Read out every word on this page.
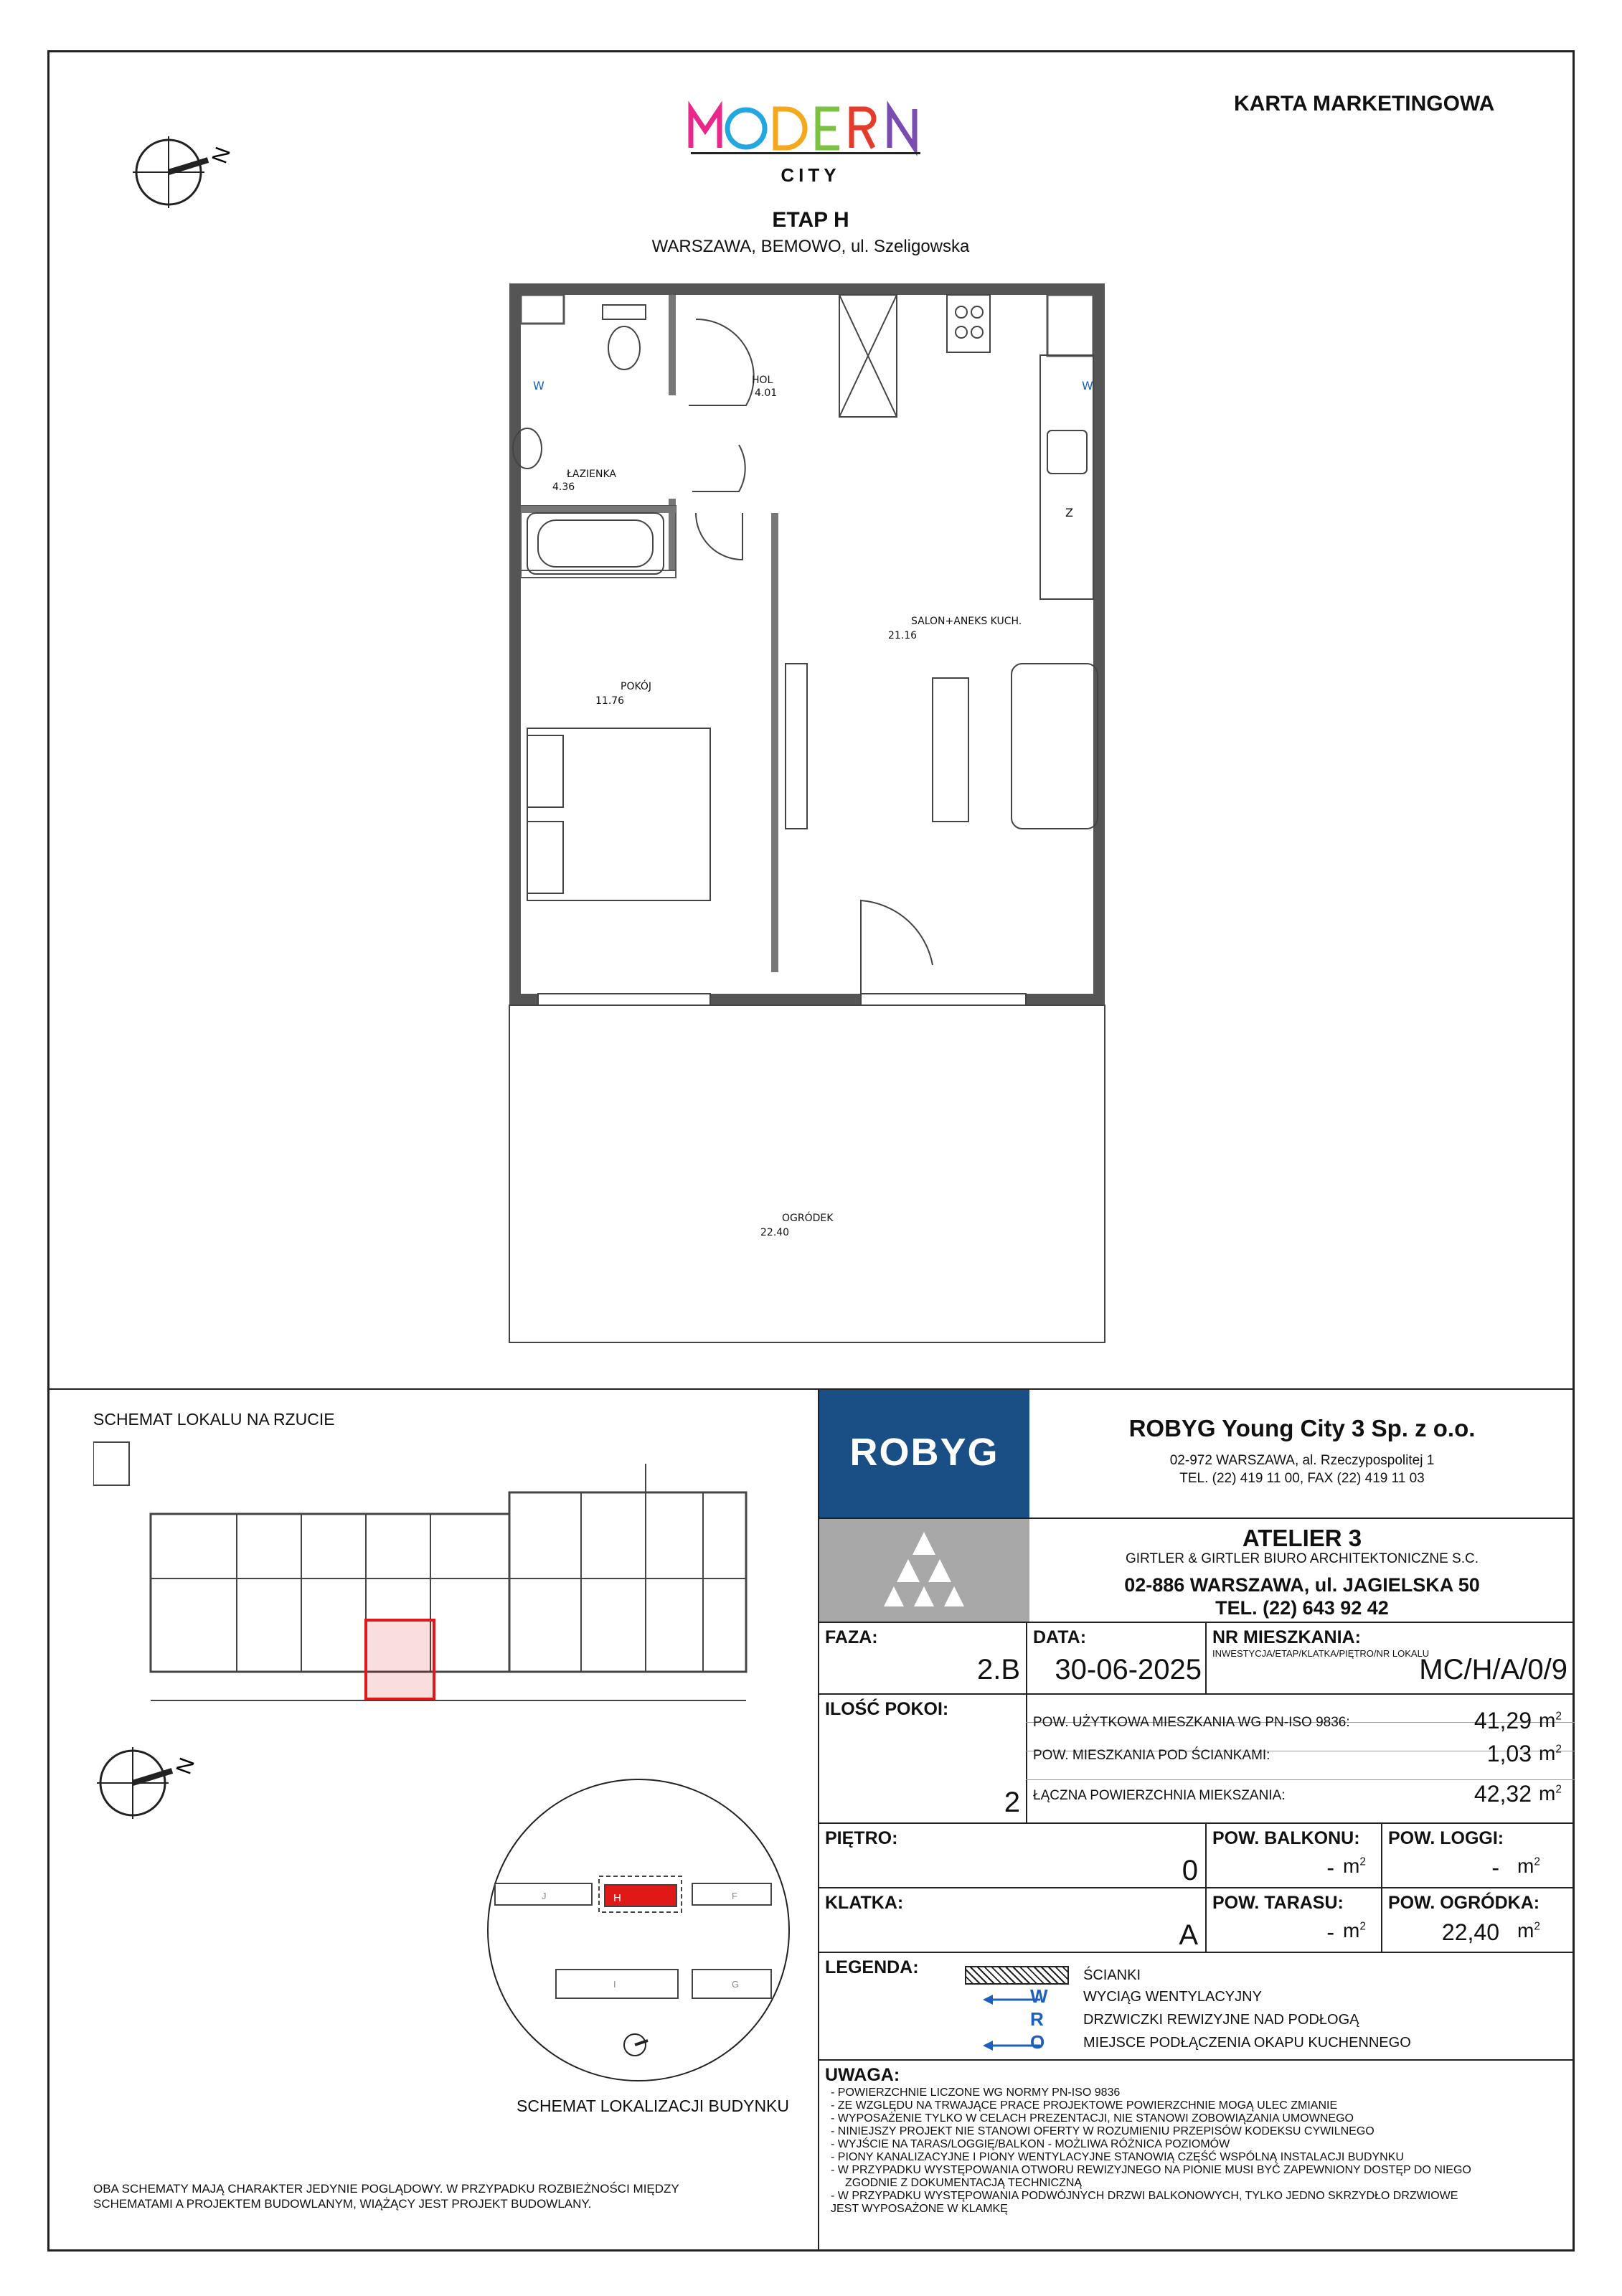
KARTA MARKETINGOWA
CITY
ETAP H
WARSZAWA, BEMOWO, ul. Szeligowska
N
HOL
4.01
ŁAZIENKA
4.36
SALON+ANEKS KUCH.
21.16
POKÓJ
11.76
OGRÓDEK
22.40
W	W
Z
SCHEMAT LOKALU NA RZUCIE
N
H
J	F
I	G
SCHEMAT LOKALIZACJI BUDYNKU
OBA SCHEMATY MAJĄ CHARAKTER JEDYNIE POGLĄDOWY. W PRZYPADKU ROZBIEŻNOŚCI MIĘDZY SCHEMATAMI A PROJEKTEM BUDOWLANYM, WIĄŻĄCY JEST PROJEKT BUDOWLANY.
ROBYG
ROBYG Young City 3 Sp. z o.o.
02-972 WARSZAWA, al. Rzeczypospolitej 1
TEL. (22) 419 11 00, FAX (22) 419 11 03
ATELIER 3
GIRTLER & GIRTLER BIURO ARCHITEKTONICZNE S.C.
02-886 WARSZAWA, ul. JAGIELSKA 50
TEL. (22) 643 92 42
FAZA:
2.B
DATA:
30-06-2025
NR MIESZKANIA:
INWESTYCJA/ETAP/KLATKA/PIĘTRO/NR LOKALU
MC/H/A/0/9
ILOŚĆ POKOI:
2
POW. UŻYTKOWA MIESZKANIA WG PN-ISO 9836:	41,29 $m^2$
POW. MIESZKANIA POD ŚCIANKAMI:	1,03 $m^2$
ŁĄCZNA POWIERZCHNIA MIEKSZANIA:	42,32 $m^2$
PIĘTRO:
0
POW. BALKONU:
- $m^2$
POW. LOGGI:
- $m^2$
KLATKA:
A
POW. TARASU:
- $m^2$
POW. OGRÓDKA:
22,40 $m^2$
LEGENDA:	ŚCIANKI
W WYCIĄG WENTYLACYJNY
R	DRZWICZKI REWIZYJNE NAD PODŁOGĄ
O	MIEJSCE PODŁĄCZENIA OKAPU KUCHENNEGO
UWAGA:
- POWIERZCHNIE LICZONE WG NORMY PN-ISO 9836
- ZE WZGLĘDU NA TRWAJĄCE PRACE PROJEKTOWE POWIERZCHNIE MOGĄ ULEC ZMIANIE
- WYPOSAŻENIE TYLKO W CELACH PREZENTACJI, NIE STANOWI ZOBOWIĄZANIA UMOWNEGO
- NINIEJSZY PROJEKT NIE STANOWI OFERTY W ROZUMIENIU PRZEPISÓW KODEKSU CYWILNEGO
- WYJŚCIE NA TARAS/LOGGIĘ/BALKON - MOŻLIWA RÓŻNICA POZIOMÓW
- PIONY KANALIZACYJNE I PIONY WENTYLACYJNE STANOWIĄ CZĘŚĆ WSPÓLNĄ INSTALACJI BUDYNKU
- W PRZYPADKU WYSTĘPOWANIA OTWORU REWIZYJNEGO NA PIONIE MUSI BYĆ ZAPEWNIONY DOSTĘP DO NIEGO
ZGODNIE Z DOKUMENTACJĄ TECHNICZNĄ
- W PRZYPADKU WYSTĘPOWANIA PODWÓJNYCH DRZWI BALKONOWYCH, TYLKO JEDNO SKRZYDŁO DRZWIOWE
JEST WYPOSAŻONE W KLAMKĘ
